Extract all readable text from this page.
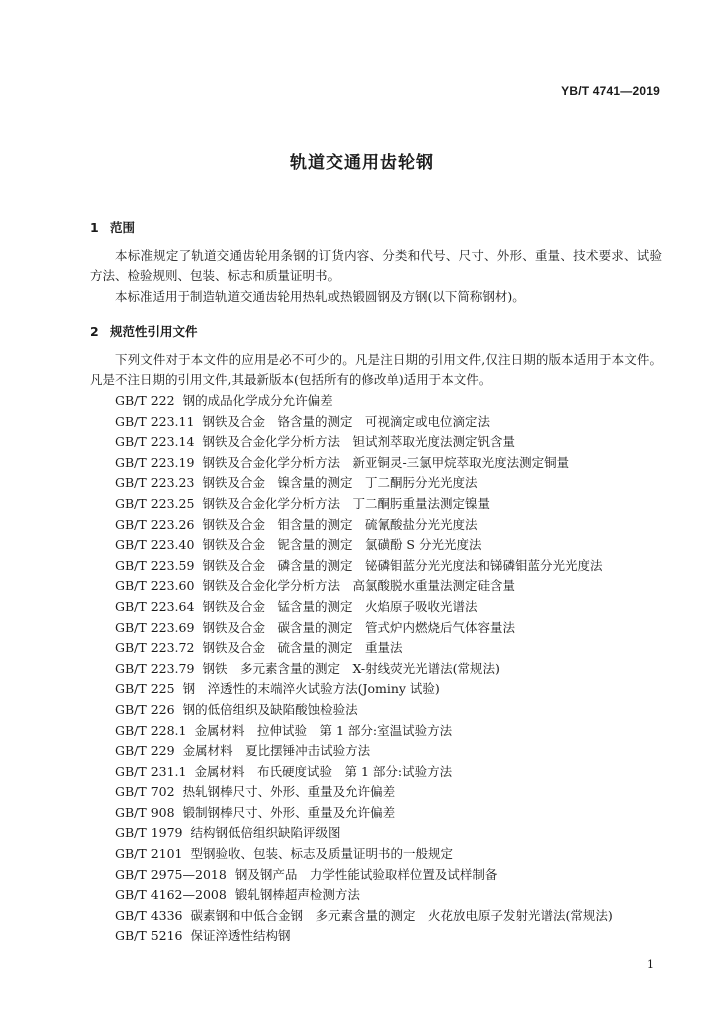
YB/T 4741—2019
轨道交通用齿轮钢
1 范围
本标准规定了轨道交通齿轮用条钢的订货内容、分类和代号、尺寸、外形、重量、技术要求、试验方法、检验规则、包装、标志和质量证明书。
本标准适用于制造轨道交通齿轮用热轧或热锻圆钢及方钢(以下简称钢材)。
2 规范性引用文件
下列文件对于本文件的应用是必不可少的。凡是注日期的引用文件,仅注日期的版本适用于本文件。凡是不注日期的引用文件,其最新版本(包括所有的修改单)适用于本文件。
GB/T 222 钢的成品化学成分允许偏差
GB/T 223.11 钢铁及合金　铬含量的测定　可视滴定或电位滴定法
GB/T 223.14 钢铁及合金化学分析方法　钽试剂萃取光度法测定钒含量
GB/T 223.19 钢铁及合金化学分析方法　新亚铜灵-三氯甲烷萃取光度法测定铜量
GB/T 223.23 钢铁及合金　镍含量的测定　丁二酮肟分光光度法
GB/T 223.25 钢铁及合金化学分析方法　丁二酮肟重量法测定镍量
GB/T 223.26 钢铁及合金　钼含量的测定　硫氰酸盐分光光度法
GB/T 223.40 钢铁及合金　铌含量的测定　氯磺酚 S 分光光度法
GB/T 223.59 钢铁及合金　磷含量的测定　铋磷钼蓝分光光度法和锑磷钼蓝分光光度法
GB/T 223.60 钢铁及合金化学分析方法　高氯酸脱水重量法测定硅含量
GB/T 223.64 钢铁及合金　锰含量的测定　火焰原子吸收光谱法
GB/T 223.69 钢铁及合金　碳含量的测定　管式炉内燃烧后气体容量法
GB/T 223.72 钢铁及合金　硫含量的测定　重量法
GB/T 223.79 钢铁　多元素含量的测定　X-射线荧光光谱法(常规法)
GB/T 225 钢　淬透性的末端淬火试验方法(Jominy 试验)
GB/T 226 钢的低倍组织及缺陷酸蚀检验法
GB/T 228.1 金属材料　拉伸试验　第 1 部分:室温试验方法
GB/T 229 金属材料　夏比摆锤冲击试验方法
GB/T 231.1 金属材料　布氏硬度试验　第 1 部分:试验方法
GB/T 702 热轧钢棒尺寸、外形、重量及允许偏差
GB/T 908 锻制钢棒尺寸、外形、重量及允许偏差
GB/T 1979 结构钢低倍组织缺陷评级图
GB/T 2101 型钢验收、包装、标志及质量证明书的一般规定
GB/T 2975—2018 钢及钢产品　力学性能试验取样位置及试样制备
GB/T 4162—2008 锻轧钢棒超声检测方法
GB/T 4336 碳素钢和中低合金钢　多元素含量的测定　火花放电原子发射光谱法(常规法)
GB/T 5216 保证淬透性结构钢
1
